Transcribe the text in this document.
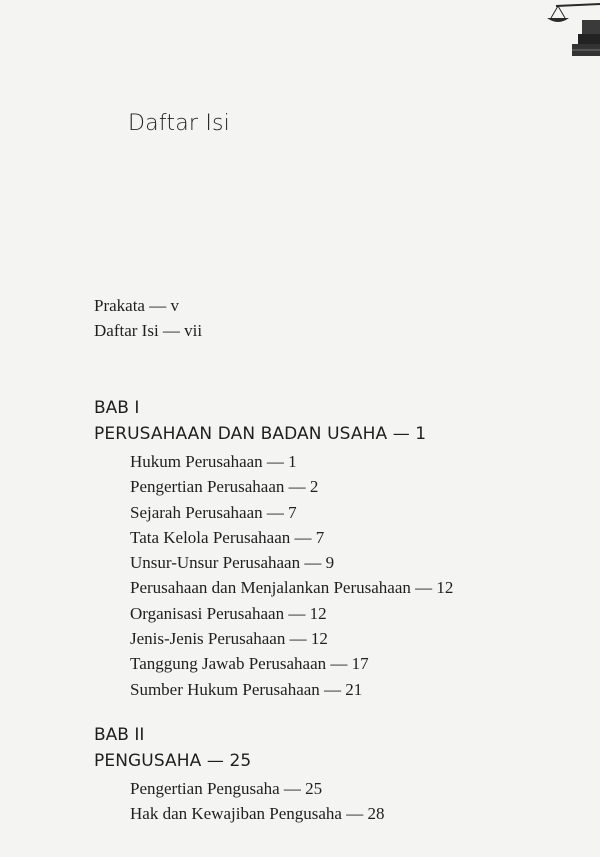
Daftar Isi
Prakata — v
Daftar Isi — vii
BAB I
PERUSAHAAN DAN BADAN USAHA — 1
Hukum Perusahaan — 1
Pengertian Perusahaan — 2
Sejarah Perusahaan — 7
Tata Kelola Perusahaan — 7
Unsur-Unsur Perusahaan — 9
Perusahaan dan Menjalankan Perusahaan — 12
Organisasi Perusahaan — 12
Jenis-Jenis Perusahaan — 12
Tanggung Jawab Perusahaan — 17
Sumber Hukum Perusahaan — 21
BAB II
PENGUSAHA — 25
Pengertian Pengusaha — 25
Hak dan Kewajiban Pengusaha — 28
